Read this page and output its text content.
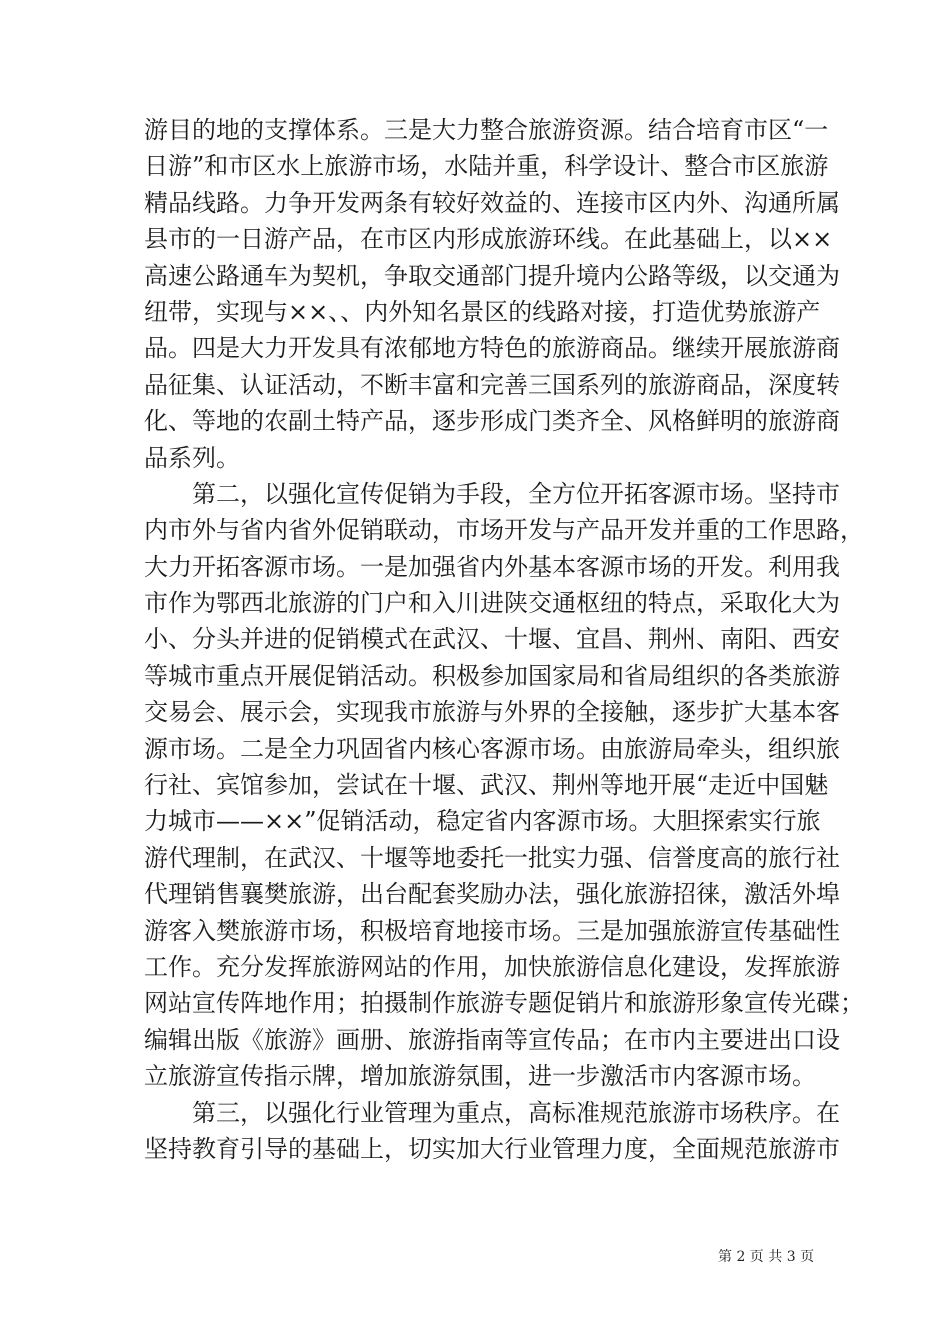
游目的地的支撑体系。三是大力整合旅游资源。结合培育市区“一
日游”和市区水上旅游市场，水陆并重，科学设计、整合市区旅游
精品线路。力争开发两条有较好效益的、连接市区内外、沟通所属
县市的一日游产品，在市区内形成旅游环线。在此基础上，以××
高速公路通车为契机，争取交通部门提升境内公路等级，以交通为
纽带，实现与××、、内外知名景区的线路对接，打造优势旅游产
品。四是大力开发具有浓郁地方特色的旅游商品。继续开展旅游商
品征集、认证活动，不断丰富和完善三国系列的旅游商品，深度转
化、等地的农副土特产品，逐步形成门类齐全、风格鲜明的旅游商
品系列。
　　第二，以强化宣传促销为手段，全方位开拓客源市场。坚持市
内市外与省内省外促销联动，市场开发与产品开发并重的工作思路，
大力开拓客源市场。一是加强省内外基本客源市场的开发。利用我
市作为鄂西北旅游的门户和入川进陕交通枢纽的特点，采取化大为
小、分头并进的促销模式在武汉、十堰、宜昌、荆州、南阳、西安
等城市重点开展促销活动。积极参加国家局和省局组织的各类旅游
交易会、展示会，实现我市旅游与外界的全接触，逐步扩大基本客
源市场。二是全力巩固省内核心客源市场。由旅游局牵头，组织旅
行社、宾馆参加，尝试在十堰、武汉、荆州等地开展“走近中国魅
力城市——××”促销活动，稳定省内客源市场。大胆探索实行旅
游代理制，在武汉、十堰等地委托一批实力强、信誉度高的旅行社
代理销售襄樊旅游，出台配套奖励办法，强化旅游招徕，激活外埠
游客入樊旅游市场，积极培育地接市场。三是加强旅游宣传基础性
工作。充分发挥旅游网站的作用，加快旅游信息化建设，发挥旅游
网站宣传阵地作用；拍摄制作旅游专题促销片和旅游形象宣传光碟；
编辑出版《旅游》画册、旅游指南等宣传品；在市内主要进出口设
立旅游宣传指示牌，增加旅游氛围，进一步激活市内客源市场。
　　第三，以强化行业管理为重点，高标准规范旅游市场秩序。在
坚持教育引导的基础上，切实加大行业管理力度，全面规范旅游市
第 2 页 共 3 页
